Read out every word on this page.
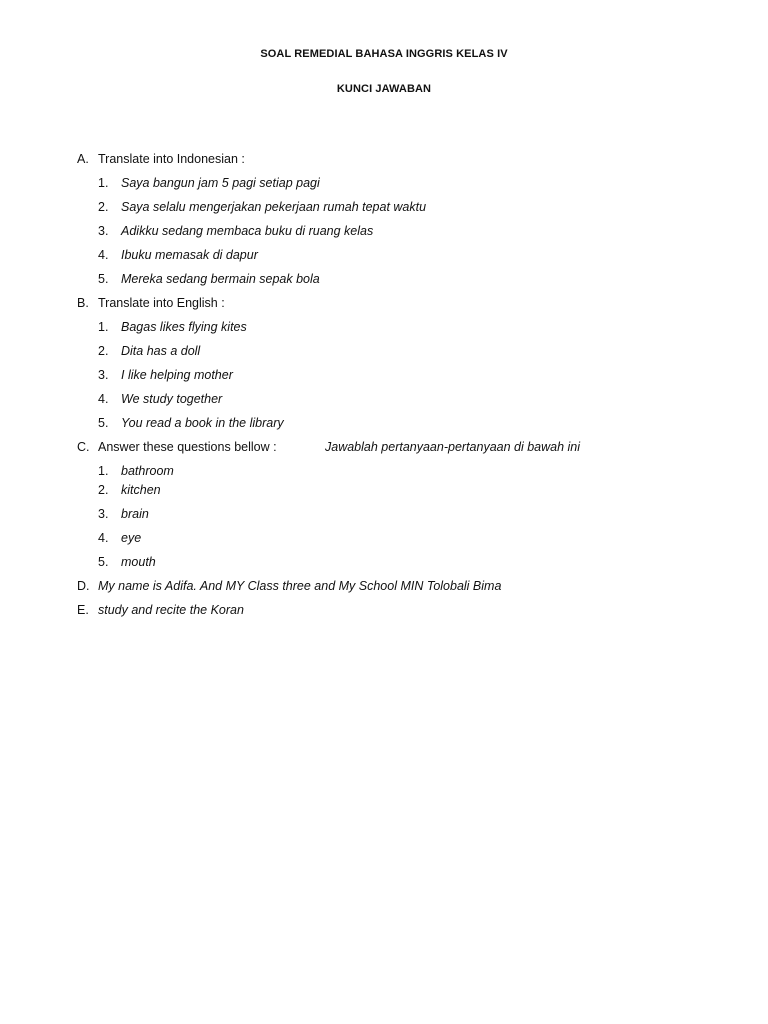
SOAL REMEDIAL BAHASA INGGRIS KELAS IV
KUNCI JAWABAN
A. Translate into Indonesian :
1. Saya bangun jam 5 pagi setiap pagi
2. Saya selalu mengerjakan pekerjaan rumah tepat waktu
3. Adikku sedang membaca buku di ruang kelas
4. Ibuku memasak di dapur
5. Mereka sedang bermain sepak bola
B. Translate into English :
1. Bagas likes flying kites
2. Dita has a doll
3. I like helping mother
4. We study together
5. You read a book in the library
C. Answer these questions bellow :	Jawablah pertanyaan-pertanyaan di bawah ini
1. bathroom
2. kitchen
3. brain
4. eye
5. mouth
D. My name is Adifa. And MY Class three and My School MIN Tolobali Bima
E. study and recite the Koran
